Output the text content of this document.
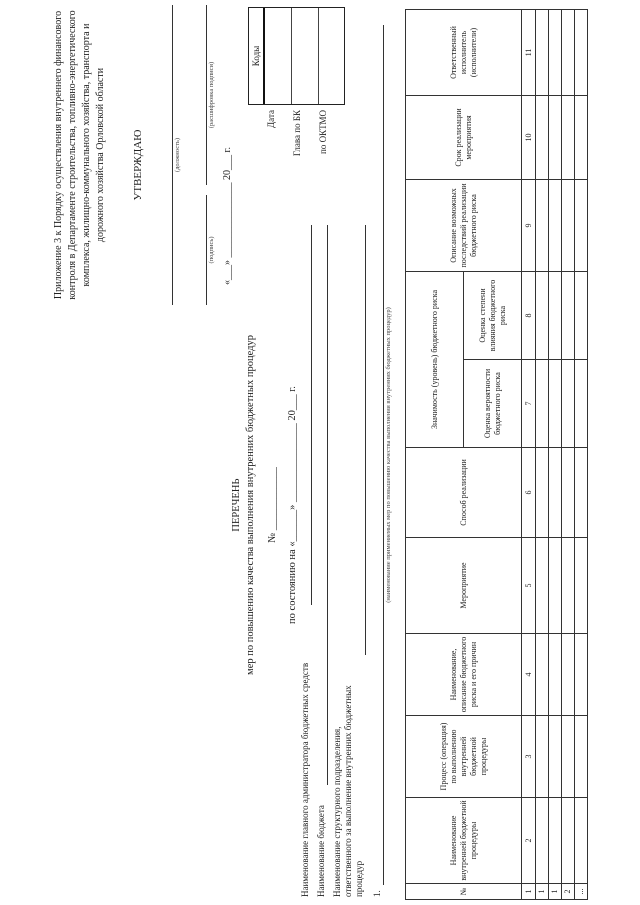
Приложение 3 к Порядку осуществления внутреннего финансового контроля в Департаменте строительства, топливно-энергетического комплекса, жилищно-коммунального хозяйства, транспорта и дорожного хозяйства Орловской области УТВЕРЖДАЮ	(должность)
(подпись)
(расшифровка подписи)
«___» _______________ 20___ г.
Коды
Дата Глава по БК по ОКТМО
ПЕРЕЧЕНЬ мер по повышению качества выполнения внутренних бюджетных процедур № ____________ по состоянию на «______» _______________ 20___ г.
Наименование главного администратора бюджетных средств Наименование бюджета Наименование структурного подразделения, ответственного за выполнение внутренних бюджетных процедур 1.
(наименование применяемых мер по повышению качества выполнения внутренних бюджетных процедур)
№	Наименование внутренней бюджетной процедуры	Процесс (операция) по выполнению внутренней бюджетной процедуры	Наименование, описание бюджетного риска и его причин	Мероприятие	Способ реализации	Значимость (уровень) бюджетного риска		Описание возможных последствий реализации бюджетного риска	Срок реализации мероприятия	Ответственный исполнитель (исполнители)
						Оценка вероятности бюджетного риска	Оценка степени влияния бюджетного риска			
1	2	3	4	5	6	7	8	9	10	11
1										
1										
2										
...										
